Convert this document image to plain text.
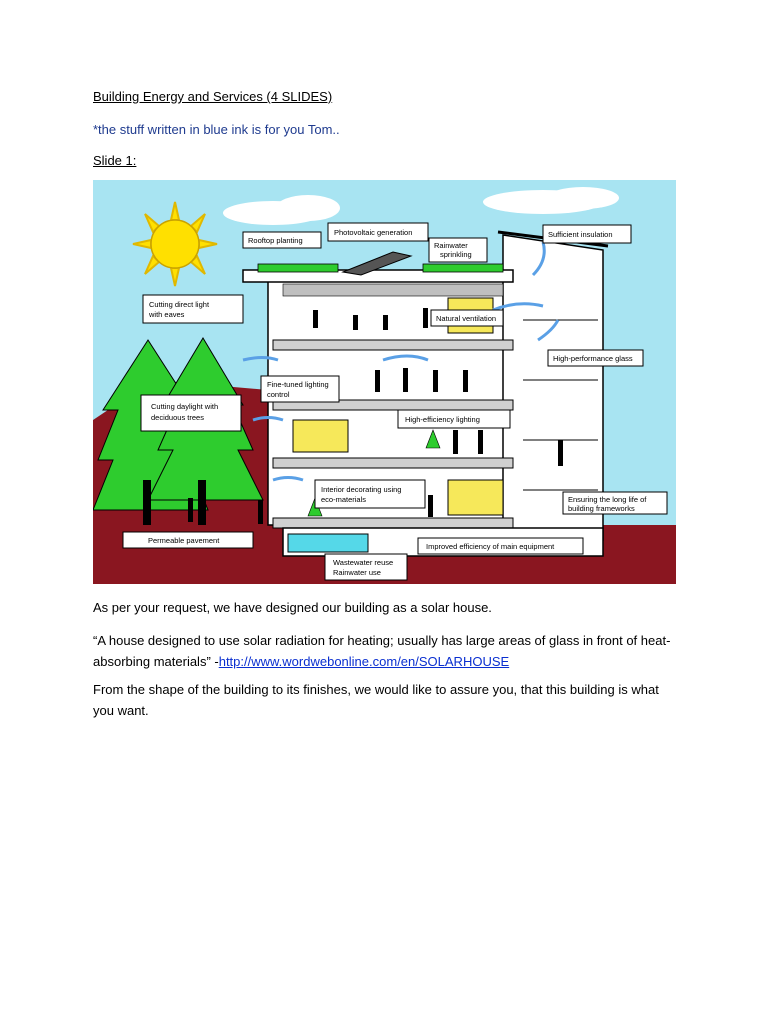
Building Energy and Services (4 SLIDES)
*the stuff written in blue ink is for you Tom..
Slide 1:
Rooftop planting
Photovoltaic generation
Rainwater
sprinkling
Sufficient insulation
Cutting direct light
with eaves	Natural ventilation
High-performance glass
Fine-tuned lighting
control
Cutting daylight with
deciduous trees	High-efficiency lighting
Interior decorating using
eco-materials	Ensuring the long life of
building frameworks
Permeable pavement
Improved efficiency of main equipment
Wastewater reuse
Rainwater use
As per your request, we have designed our building as a solar house.
“A house designed to use solar radiation for heating; usually has large areas of glass in front of heat-absorbing materials” -http://www.wordwebonline.com/en/SOLARHOUSE
From the shape of the building to its finishes, we would like to assure you, that this building is what you want.
